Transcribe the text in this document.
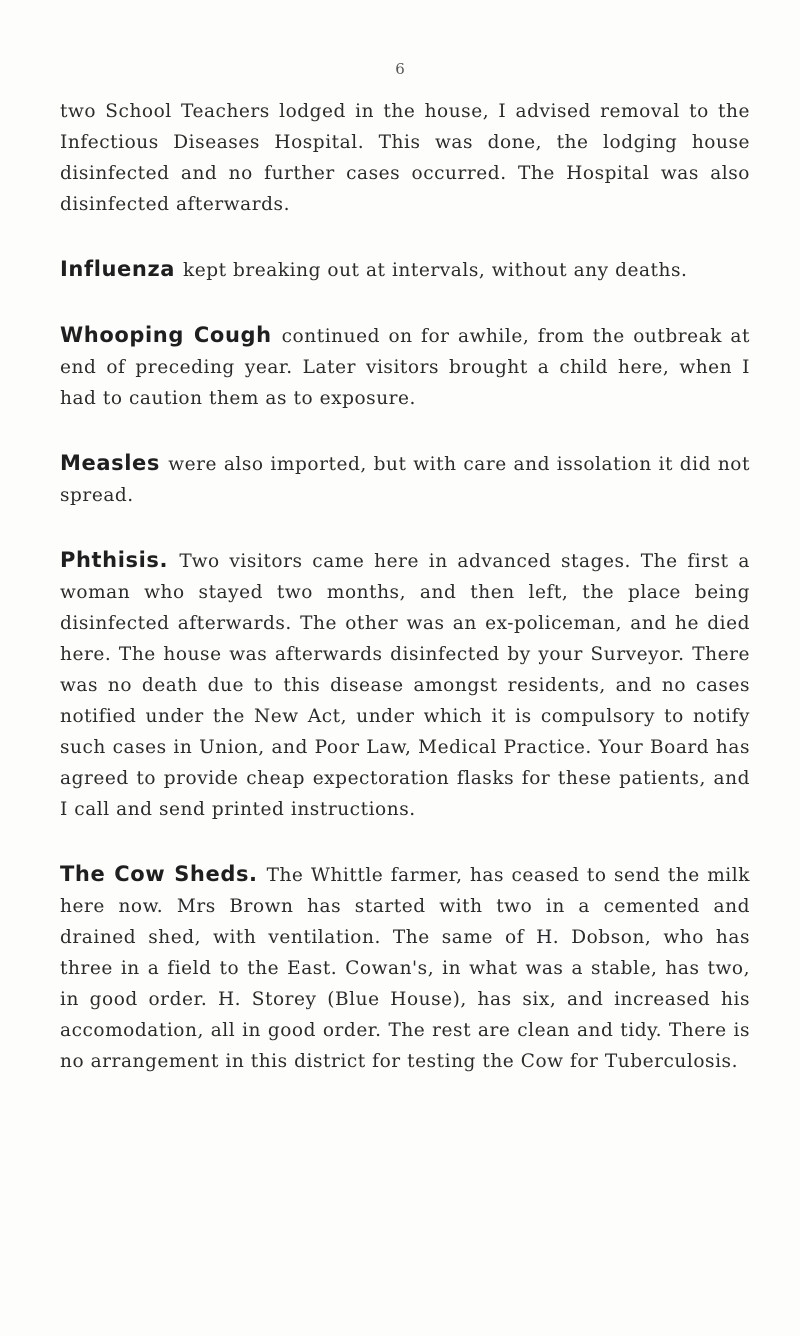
6

two School Teachers lodged in the house, I advised removal to the Infectious Diseases Hospital. This was done, the lodging house disinfected and no further cases occurred. The Hospital was also disinfected afterwards.

Influenza kept breaking out at intervals, without any deaths.

Whooping Cough continued on for awhile, from the outbreak at end of preceding year. Later visitors brought a child here, when I had to caution them as to exposure.

Measles were also imported, but with care and issolation it did not spread.

Phthisis. Two visitors came here in advanced stages. The first a woman who stayed two months, and then left, the place being disinfected afterwards. The other was an ex-policeman, and he died here. The house was afterwards disinfected by your Surveyor. There was no death due to this disease amongst residents, and no cases notified under the New Act, under which it is compulsory to notify such cases in Union, and Poor Law, Medical Practice. Your Board has agreed to provide cheap expectoration flasks for these patients, and I call and send printed instructions.

The Cow Sheds. The Whittle farmer, has ceased to send the milk here now. Mrs Brown has started with two in a cemented and drained shed, with ventilation. The same of H. Dobson, who has three in a field to the East. Cowan's, in what was a stable, has two, in good order. H. Storey (Blue House), has six, and increased his accomodation, all in good order. The rest are clean and tidy. There is no arrangement in this district for testing the Cow for Tuberculosis.
